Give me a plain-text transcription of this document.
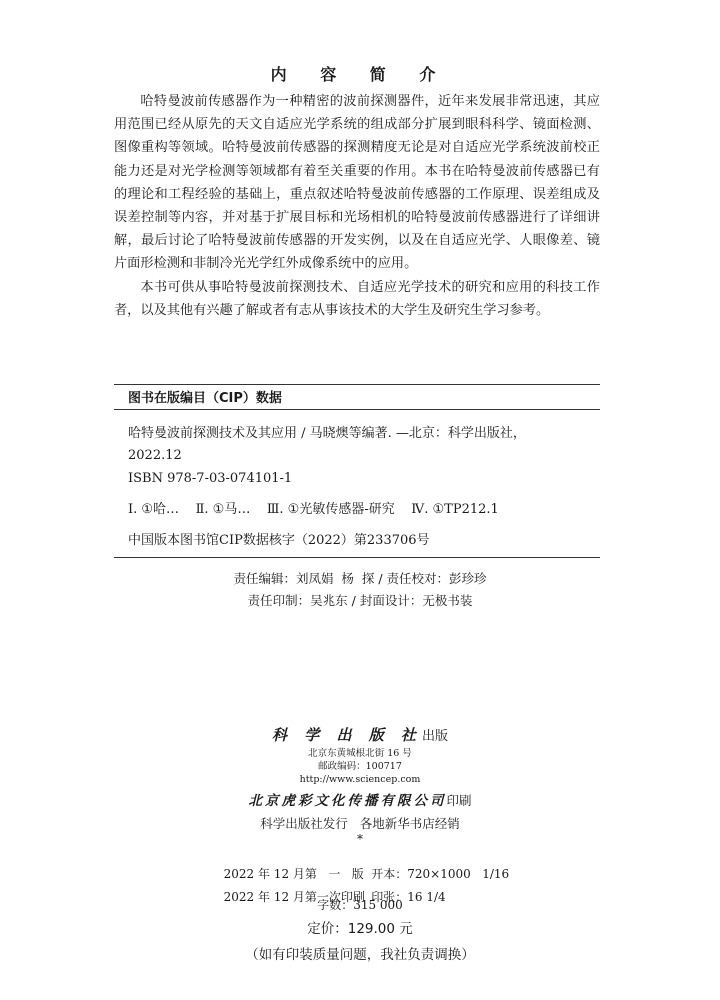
内 容 简 介

哈特曼波前传感器作为一种精密的波前探测器件，近年来发展非常迅速，其应用范围已经从原先的天文自适应光学系统的组成部分扩展到眼科科学、镜面检测、图像重构等领域。哈特曼波前传感器的探测精度无论是对自适应光学系统波前校正能力还是对光学检测等领域都有着至关重要的作用。本书在哈特曼波前传感器已有的理论和工程经验的基础上，重点叙述哈特曼波前传感器的工作原理、误差组成及误差控制等内容，并对基于扩展目标和光场相机的哈特曼波前传感器进行了详细讲解，最后讨论了哈特曼波前传感器的开发实例，以及在自适应光学、人眼像差、镜片面形检测和非制冷光光学红外成像系统中的应用。

本书可供从事哈特曼波前探测技术、自适应光学技术的研究和应用的科技工作者，以及其他有兴趣了解或者有志从事该技术的大学生及研究生学习参考。

图书在版编目（CIP）数据
哈特曼波前探测技术及其应用 / 马晓燠等编著. —北京：科学出版社，
2022.12
ISBN 978-7-03-074101-1
Ⅰ. ①哈…    Ⅱ. ①马…    Ⅲ. ①光敏传感器-研究    Ⅳ. ①TP212.1
中国版本图书馆CIP数据核字（2022）第233706号
责任编辑：刘凤娟  杨  探 / 责任校对：彭珍珍
责任印制：吴兆东 / 封面设计：无极书装
科 学 出 版 社出版
北京东黄城根北街 16 号
邮政编码：100717
http://www.sciencep.com
北京虎彩文化传播有限公司印刷
科学出版社发行   各地新华书店经销
*

2022 年 12 月第   一   版 开本：720×1000   1/16

2022 年 12 月第一次印刷 印张：16 1/4

字数：315 000
定价：129.00 元
（如有印装质量问题，我社负责调换）
